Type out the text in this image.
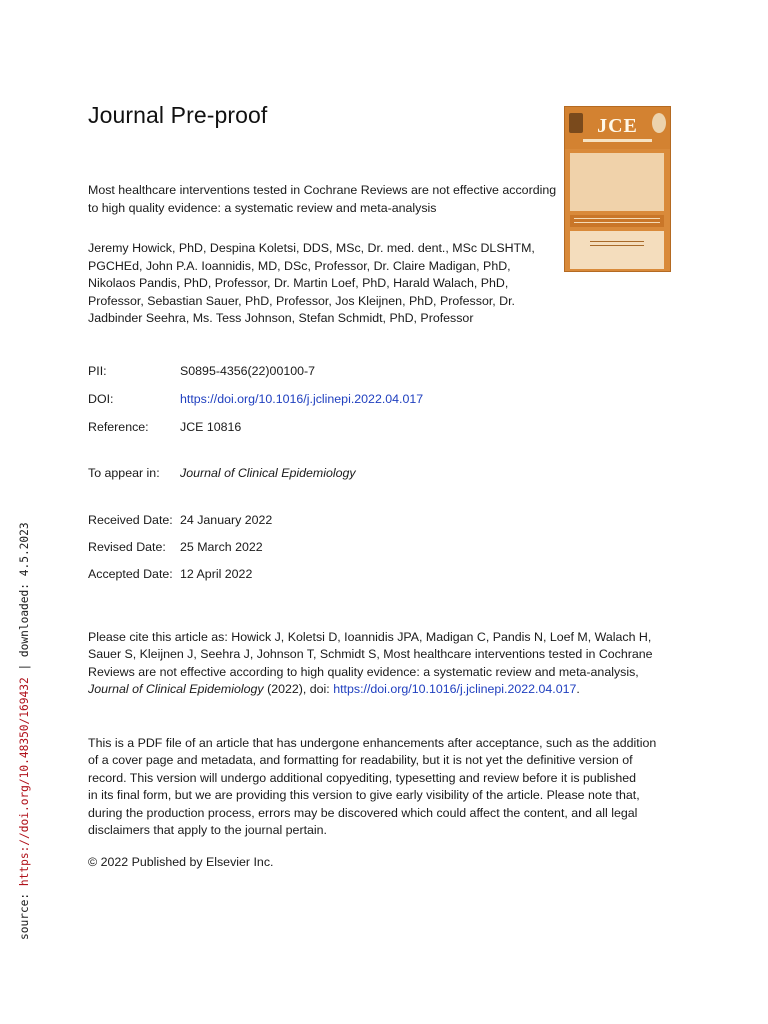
Journal Pre-proof	JCE
Most healthcare interventions tested in Cochrane Reviews are not effective according
to high quality evidence: a systematic review and meta-analysis
Jeremy Howick, PhD, Despina Koletsi, DDS, MSc, Dr. med. dent., MSc DLSHTM,
PGCHEd, John P.A. Ioannidis, MD, DSc, Professor, Dr. Claire Madigan, PhD,
Nikolaos Pandis, PhD, Professor, Dr. Martin Loef, PhD, Harald Walach, PhD,
Professor, Sebastian Sauer, PhD, Professor, Jos Kleijnen, PhD, Professor, Dr.
Jadbinder Seehra, Ms. Tess Johnson, Stefan Schmidt, PhD, Professor
PII:	S0895-4356(22)00100-7
DOI:	https://doi.org/10.1016/j.jclinepi.2022.04.017
Reference:	JCE 10816
To appear in:	Journal of Clinical Epidemiology
Received Date: 24 January 2022
Revised Date:	25 March 2022
Accepted Date: 12 April 2022
Please cite this article as: Howick J, Koletsi D, Ioannidis JPA, Madigan C, Pandis N, Loef M, Walach H,
Sauer S, Kleijnen J, Seehra J, Johnson T, Schmidt S, Most healthcare interventions tested in Cochrane
Reviews are not effective according to high quality evidence: a systematic review and meta-analysis,
Journal of Clinical Epidemiology (2022), doi: https://doi.org/10.1016/j.jclinepi.2022.04.017.
This is a PDF file of an article that has undergone enhancements after acceptance, such as the addition
of a cover page and metadata, and formatting for readability, but it is not yet the definitive version of
record. This version will undergo additional copyediting, typesetting and review before it is published
in its final form, but we are providing this version to give early visibility of the article. Please note that,
during the production process, errors may be discovered which could affect the content, and all legal
disclaimers that apply to the journal pertain.
© 2022 Published by Elsevier Inc.
source: https://doi.org/10.48350/169432 | downloaded: 4.5.2023
